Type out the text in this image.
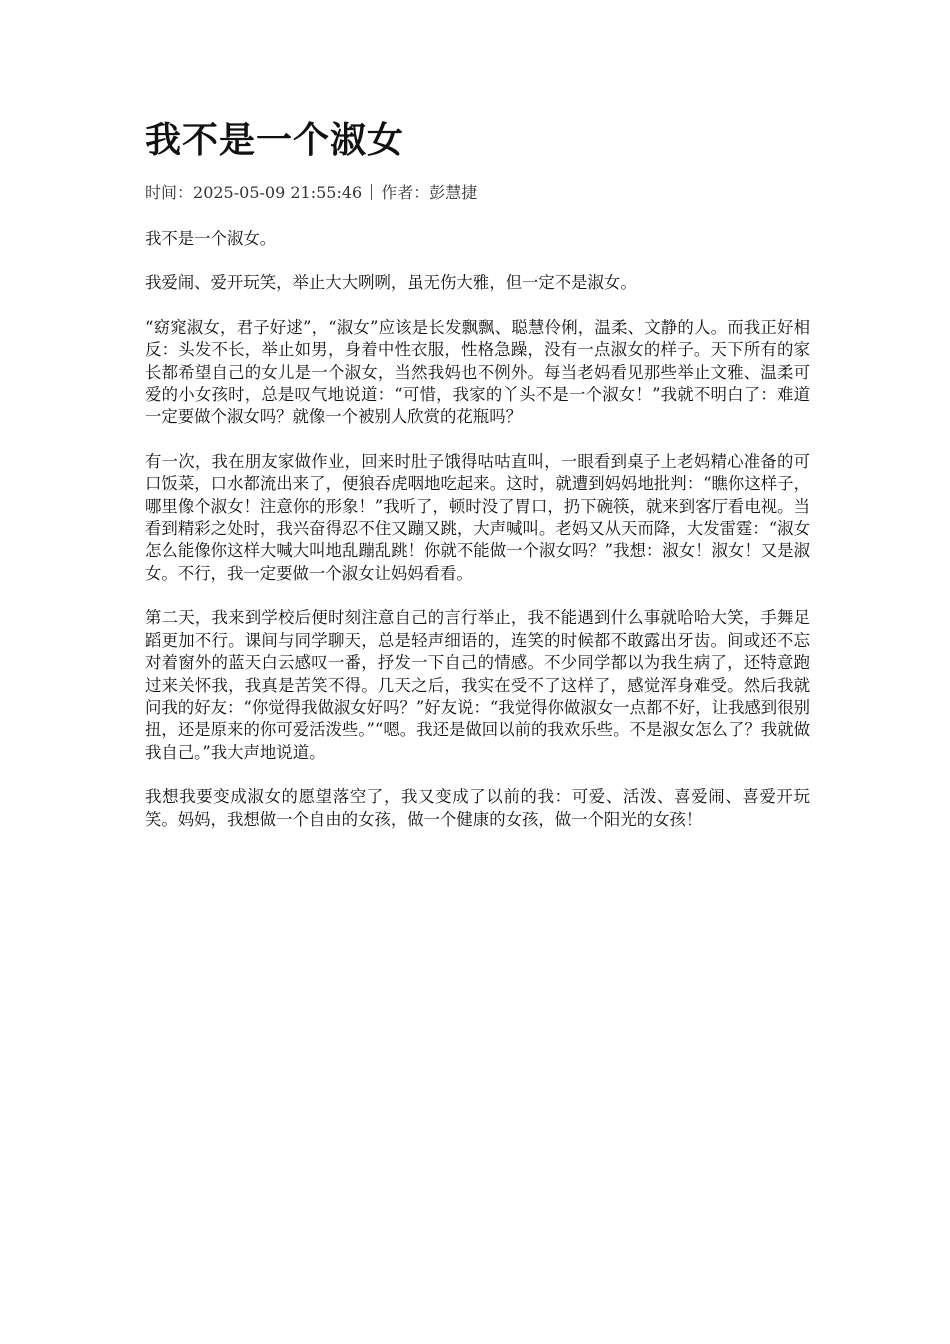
我不是一个淑女
时间：2025-05-09 21:55:46 作者：彭慧捷

我不是一个淑女。

我爱闹、爱开玩笑，举止大大咧咧，虽无伤大雅，但一定不是淑女。

“窈窕淑女，君子好逑”，“淑女”应该是长发飘飘、聪慧伶俐，温柔、文静的人。而我正好相反：头发不长，举止如男，身着中性衣服，性格急躁，没有一点淑女的样子。天下所有的家长都希望自己的女儿是一个淑女，当然我妈也不例外。每当老妈看见那些举止文雅、温柔可爱的小女孩时，总是叹气地说道：“可惜，我家的丫头不是一个淑女！”我就不明白了：难道一定要做个淑女吗？就像一个被别人欣赏的花瓶吗？

有一次，我在朋友家做作业，回来时肚子饿得咕咕直叫，一眼看到桌子上老妈精心准备的可口饭菜，口水都流出来了，便狼吞虎咽地吃起来。这时，就遭到妈妈地批判：“瞧你这样子，哪里像个淑女！注意你的形象！”我听了，顿时没了胃口，扔下碗筷，就来到客厅看电视。当看到精彩之处时，我兴奋得忍不住又蹦又跳，大声喊叫。老妈又从天而降，大发雷霆：“淑女怎么能像你这样大喊大叫地乱蹦乱跳！你就不能做一个淑女吗？”我想：淑女！淑女！又是淑女。不行，我一定要做一个淑女让妈妈看看。

第二天，我来到学校后便时刻注意自己的言行举止，我不能遇到什么事就哈哈大笑，手舞足蹈更加不行。课间与同学聊天，总是轻声细语的，连笑的时候都不敢露出牙齿。间或还不忘对着窗外的蓝天白云感叹一番，抒发一下自己的情感。不少同学都以为我生病了，还特意跑过来关怀我，我真是苦笑不得。几天之后，我实在受不了这样了，感觉浑身难受。然后我就问我的好友：“你觉得我做淑女好吗？”好友说：“我觉得你做淑女一点都不好，让我感到很别扭，还是原来的你可爱活泼些。”“嗯。我还是做回以前的我欢乐些。不是淑女怎么了？我就做我自己。”我大声地说道。

我想我要变成淑女的愿望落空了，我又变成了以前的我：可爱、活泼、喜爱闹、喜爱开玩笑。妈妈，我想做一个自由的女孩，做一个健康的女孩，做一个阳光的女孩！
